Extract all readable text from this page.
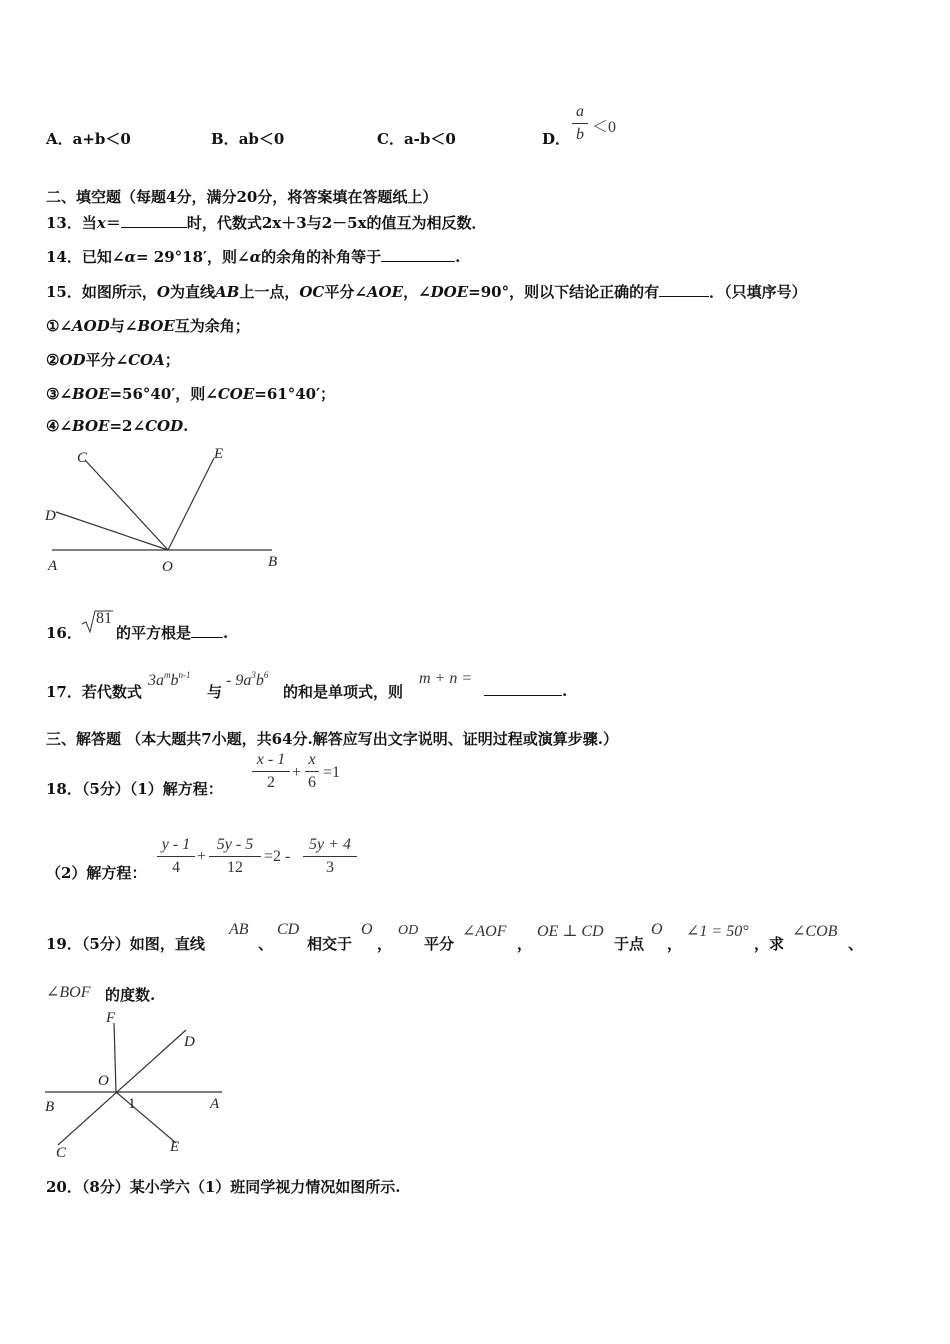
A．a+b＜0	B．ab＜0	C．a-b＜0	D．
a
b ＜0
二、填空题（每题4分，满分20分，将答案填在答题纸上）
13．当x＝	时，代数式2x＋3与2－5x的值互为相反数．
14．已知∠α= 29°18′，则∠α的余角的补角等于	.
15．如图所示，O为直线AB上一点，OC平分∠AOE，∠DOE=90°，则以下结论正确的有	．（只填序号）
①∠AOD与∠BOE互为余角；
②OD平分∠COA；
③∠BOE=56°40′，则∠COE=61°40′；
④∠BOE=2∠COD.
C	E
D
A	O	B
16．
81
的平方根是 .
17．若代数式
$3a^mb^{n-1}$
与
- $9a^3b^6$
的和是单项式，则
m + n =
.
三、解答题 （本大题共7小题，共64分.解答应写出文字说明、证明过程或演算步骤.）
18．（5分）（1）解方程：
x - 1
2
+
x
6
=1
（2）解方程：
y - 1
4
+
5y - 5
12
=2 -
5y + 4
3
19．（5分）如图，直线
AB
、
CD
相交于
O
，
OD
平分
∠AOF
，
OE ⊥ CD
于点
O
，
∠1 = 50°
，求
∠COB
、
∠BOF 的度数.
F
D
O
B	1	A
C	E
20．（8分）某小学六（1）班同学视力情况如图所示.
